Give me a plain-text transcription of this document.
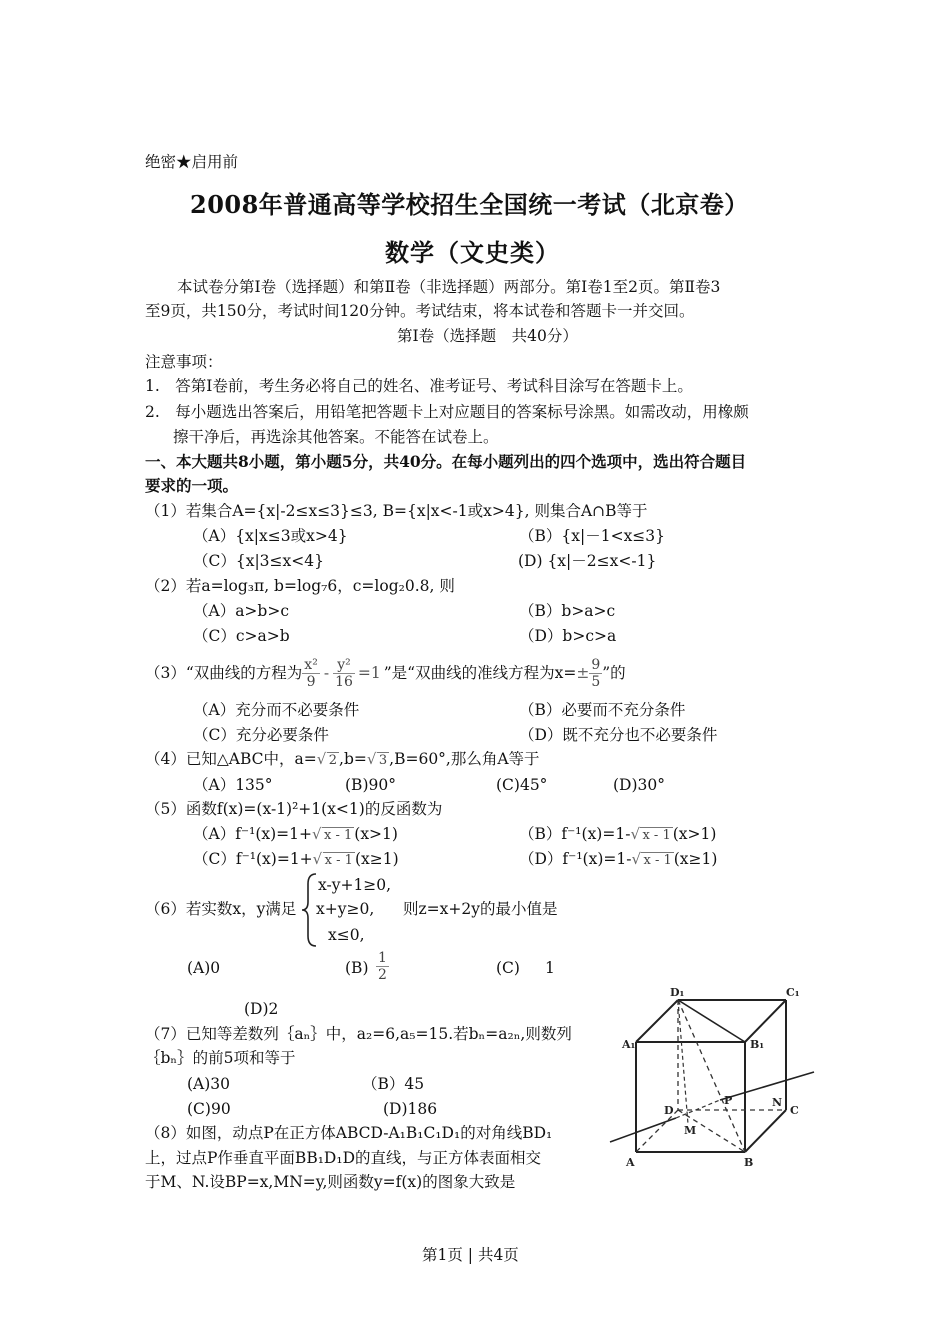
绝密★启用前
2008年普通高等学校招生全国统一考试（北京卷）
数学（文史类）
本试卷分第Ⅰ卷（选择题）和第Ⅱ卷（非选择题）两部分。第Ⅰ卷1至2页。第Ⅱ卷3
至9页，共150分，考试时间120分钟。考试结束，将本试卷和答题卡一并交回。
第Ⅰ卷（选择题　共40分）
注意事项：
1.　答第Ⅰ卷前，考生务必将自己的姓名、准考证号、考试科目涂写在答题卡上。
2.　每小题选出答案后，用铅笔把答题卡上对应题目的答案标号涂黑。如需改动，用橡颇
擦干净后，再选涂其他答案。不能答在试卷上。
一、本大题共8小题，第小题5分，共40分。在每小题列出的四个选项中，选出符合题目
要求的一项。
（1）若集合A={x|-2≤x≤3}≤3, B={x|x<-1或x>4}, 则集合A∩B等于
（A）{x|x≤3或x>4}	（B）{x|－1<x≤3}
（C）{x|3≤x<4}	(D) {x|－2≤x<-1}
（2）若a=log₃π, b=log₇6，c=log₂0.8, 则
（A）a>b>c	（B）b>a>c
（C）c>a>b	（D）b>c>a
（3）“双曲线的方程为 $\frac{\text{x²}}{9} - \frac{\text{y²}}{16} =1$ ”是“双曲线的准线方程为$x= \pm \frac{9}{5}$ ”的
（A）充分而不必要条件	（B）必要而不充分条件
（C）充分必要条件	（D）既不充分也不必要条件
（4）已知△ABC中，a= √ 2 ,b= √ 3 ,B=60°,那么角A等于
（A）135°	(B)90°	(C)45°	(D)30°
（5）函数f(x)=(x-1)²+1(x<1)的反函数为
（A）f⁻¹(x)=1+ √ x - 1 (x>1)	（B）f⁻¹(x)=1- √ x - 1 (x>1)
（C）f⁻¹(x)=1+ √ x - 1 (x≥1)	（D）f⁻¹(x)=1- √ x - 1 (x≥1)
（6）若实数x，y满足
x-y+1≥0,
x+y≥0,
x≤0,
则z=x+2y的最小值是
(A)0	$(B) \frac{1}{2}$	(C) 1
(D)2
（7）已知等差数列｛aₙ｝中，a₂=6,a₅=15.若bₙ=a₂ₙ,则数列
｛bₙ｝的前5项和等于
(A)30	（B）45
(C)90	(D)186
（8）如图，动点P在正方体ABCD-A₁B₁C₁D₁的对角线BD₁
上，过点P作垂直平面BB₁D₁D的直线，与正方体表面相交
于M、N.设BP=x,MN=y,则函数y=f(x)的图象大致是
D₁	C₁
A₁	B₁
D	C
A	B
P
M
N
第1页 | 共4页
